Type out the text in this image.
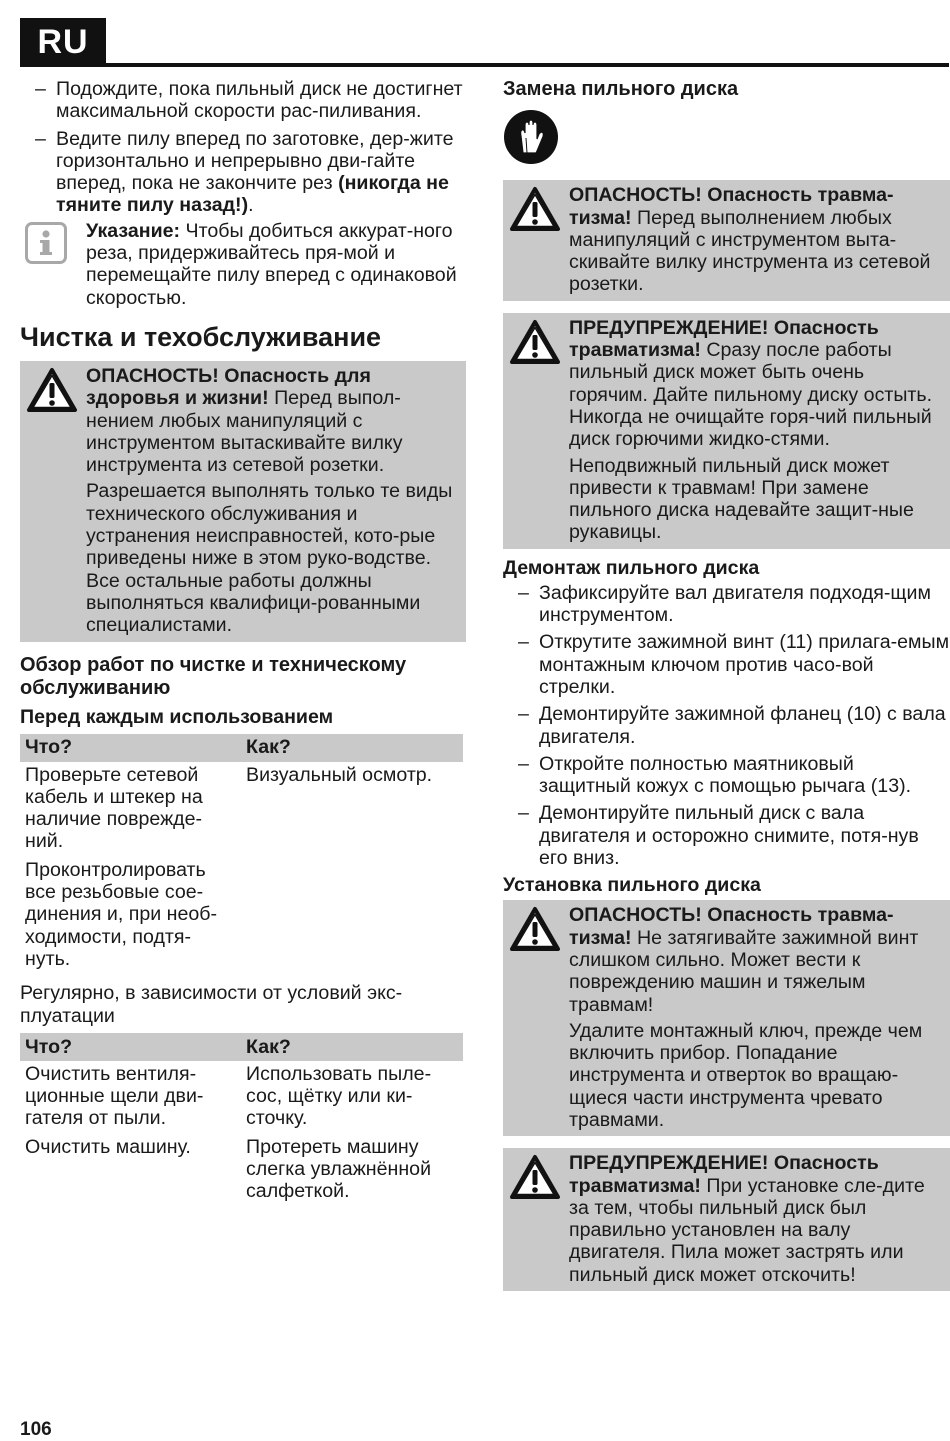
RU

– Подождите, пока пильный диск не достигнет максимальной скорости рас-пиливания.

– Ведите пилу вперед по заготовке, дер-жите горизонтально и непрерывно дви-гайте вперед, пока не закончите рез (никогда не тяните пилу назад!).

Указание: Чтобы добиться аккурат-ного реза, придерживайтесь пря-мой и перемещайте пилу вперед с одинаковой скоростью.
Чистка и техобслуживание

ОПАСНОСТЬ! Опасность для здоровья и жизни! Перед выпол-нением любых манипуляций с инструментом вытаскивайте вилку инструмента из сетевой розетки.

Разрешается выполнять только те виды технического обслуживания и устранения неисправностей, кото-рые приведены ниже в этом руко-водстве. Все остальные работы должны выполняться квалифици-рованными специалистами.

Обзор работ по чистке и техническому обслуживанию
Перед каждым использованием
Что?	Как?
Проверьте сетевой кабель и штекер на наличие поврежде-ний.	Визуальный осмотр.
Проконтролировать все резьбовые сое-динения и, при необ-ходимости, подтя-нуть.	

Регулярно, в зависимости от условий экс-плуатации

Что?	Как?
Очистить вентиля-ционные щели дви-гателя от пыли.	Использовать пыле-сос, щётку или ки-сточку.
Очистить машину.	Протереть машину слегка увлажнённой салфеткой.
Замена пильного диска

ОПАСНОСТЬ! Опасность травма-тизма! Перед выполнением любых манипуляций с инструментом выта-скивайте вилку инструмента из сетевой розетки.

ПРЕДУПРЕЖДЕНИЕ! Опасность травматизма! Сразу после работы пильный диск может быть очень горячим. Дайте пильному диску остыть. Никогда не очищайте горя-чий пильный диск горючими жидко-стями.

Неподвижный пильный диск может привести к травмам! При замене пильного диска надевайте защит-ные рукавицы.

Демонтаж пильного диска

– Зафиксируйте вал двигателя подходя-щим инструментом.

– Открутите зажимной винт (11) прилага-емым монтажным ключом против часо-вой стрелки.

– Демонтируйте зажимной фланец (10) с вала двигателя.

– Откройте полностью маятниковый защитный кожух с помощью рычага (13).

– Демонтируйте пильный диск с вала двигателя и осторожно снимите, потя-нув его вниз.

Установка пильного диска

ОПАСНОСТЬ! Опасность травма-тизма! Не затягивайте зажимной винт слишком сильно. Может вести к повреждению машин и тяжелым травмам!

Удалите монтажный ключ, прежде чем включить прибор. Попадание инструмента и отверток во вращаю-щиеся части инструмента чревато травмами.

ПРЕДУПРЕЖДЕНИЕ! Опасность травматизма! При установке сле-дите за тем, чтобы пильный диск был правильно установлен на валу двигателя. Пила может застрять или пильный диск может отскочить!

106
